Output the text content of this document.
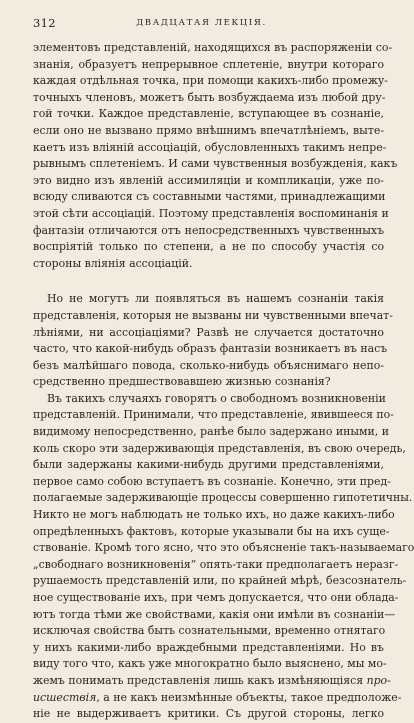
312	ДВАДЦАТАЯ ЛЕКЦІЯ.
элементовъ представленій, находящихся въ распоряженіи со-
знанія, образуетъ непрерывное сплетеніе, внутри котораго
каждая отдѣльная точка, при помощи какихъ-либо промежу-
точныхъ членовъ, можетъ быть возбуждаема изъ любой дру-
гой точки. Каждое представленіе, вступающее въ сознаніе,
если оно не вызвано прямо внѣшнимъ впечатлѣніемъ, выте-
каетъ изъ вліяній ассоціацій, обусловленныхъ такимъ непре-
рывнымъ сплетеніемъ. И сами чувственныя возбужденія, какъ
это видно изъ явленій ассимиляціи и компликаціи, уже по-
всюду сливаются съ составными частями, принадлежащими
этой сѣти ассоціацій. Поэтому представленія воспоминанія и
фантазіи отличаются отъ непосредственныхъ чувственныхъ
воспріятій только по степени, а не по способу участія со
стороны вліянія ассоціацій.
Но не могутъ ли появляться въ нашемъ сознаніи такія
представленія, которыя не вызваны ни чувственными впечат-
лѣніями, ни ассоціаціями? Развѣ не случается достаточно
часто, что какой-нибудь образъ фантазіи возникаетъ въ насъ
безъ малѣйшаго повода, сколько-нибудь объяснимаго непо-
средственно предшествовавшею жизнью сознанія?
Въ такихъ случаяхъ говорятъ о свободномъ возникновеніи
представленій. Принимали, что представленіе, явившееся по-
видимому непосредственно, ранѣе было задержано иными, и
коль скоро эти задерживающія представленія, въ свою очередь,
были задержаны какими-нибудь другими представленіями,
первое само собою вступаетъ въ сознаніе. Конечно, эти пред-
полагаемые задерживающіе процессы совершенно гипотетичны.
Никто не могъ наблюдать не только ихъ, но даже какихъ-либо
опредѣленныхъ фактовъ, которые указывали бы на ихъ суще-
ствованіе. Кромѣ того ясно, что это объясненіе такъ-называемаго
„свободнаго возникновенія“ опять-таки предполагаетъ неразг-
рушаемость представленій или, по крайней мѣрѣ, безсознатель-
ное существованіе ихъ, при чемъ допускается, что они облада-
ютъ тогда тѣми же свойствами, какія они имѣли въ сознаніи—
исключая свойства быть сознательными, временно отнятаго
у нихъ какими-либо враждебными представленіями. Но въ
виду того что, какъ уже многократно было выяснено, мы мо-
жемъ понимать представленія лишь какъ измѣняющіяся про-
исшествія, а не какъ неизмѣнные объекты, такое предположе-
ніе не выдерживаетъ критики. Съ другой стороны, легко
